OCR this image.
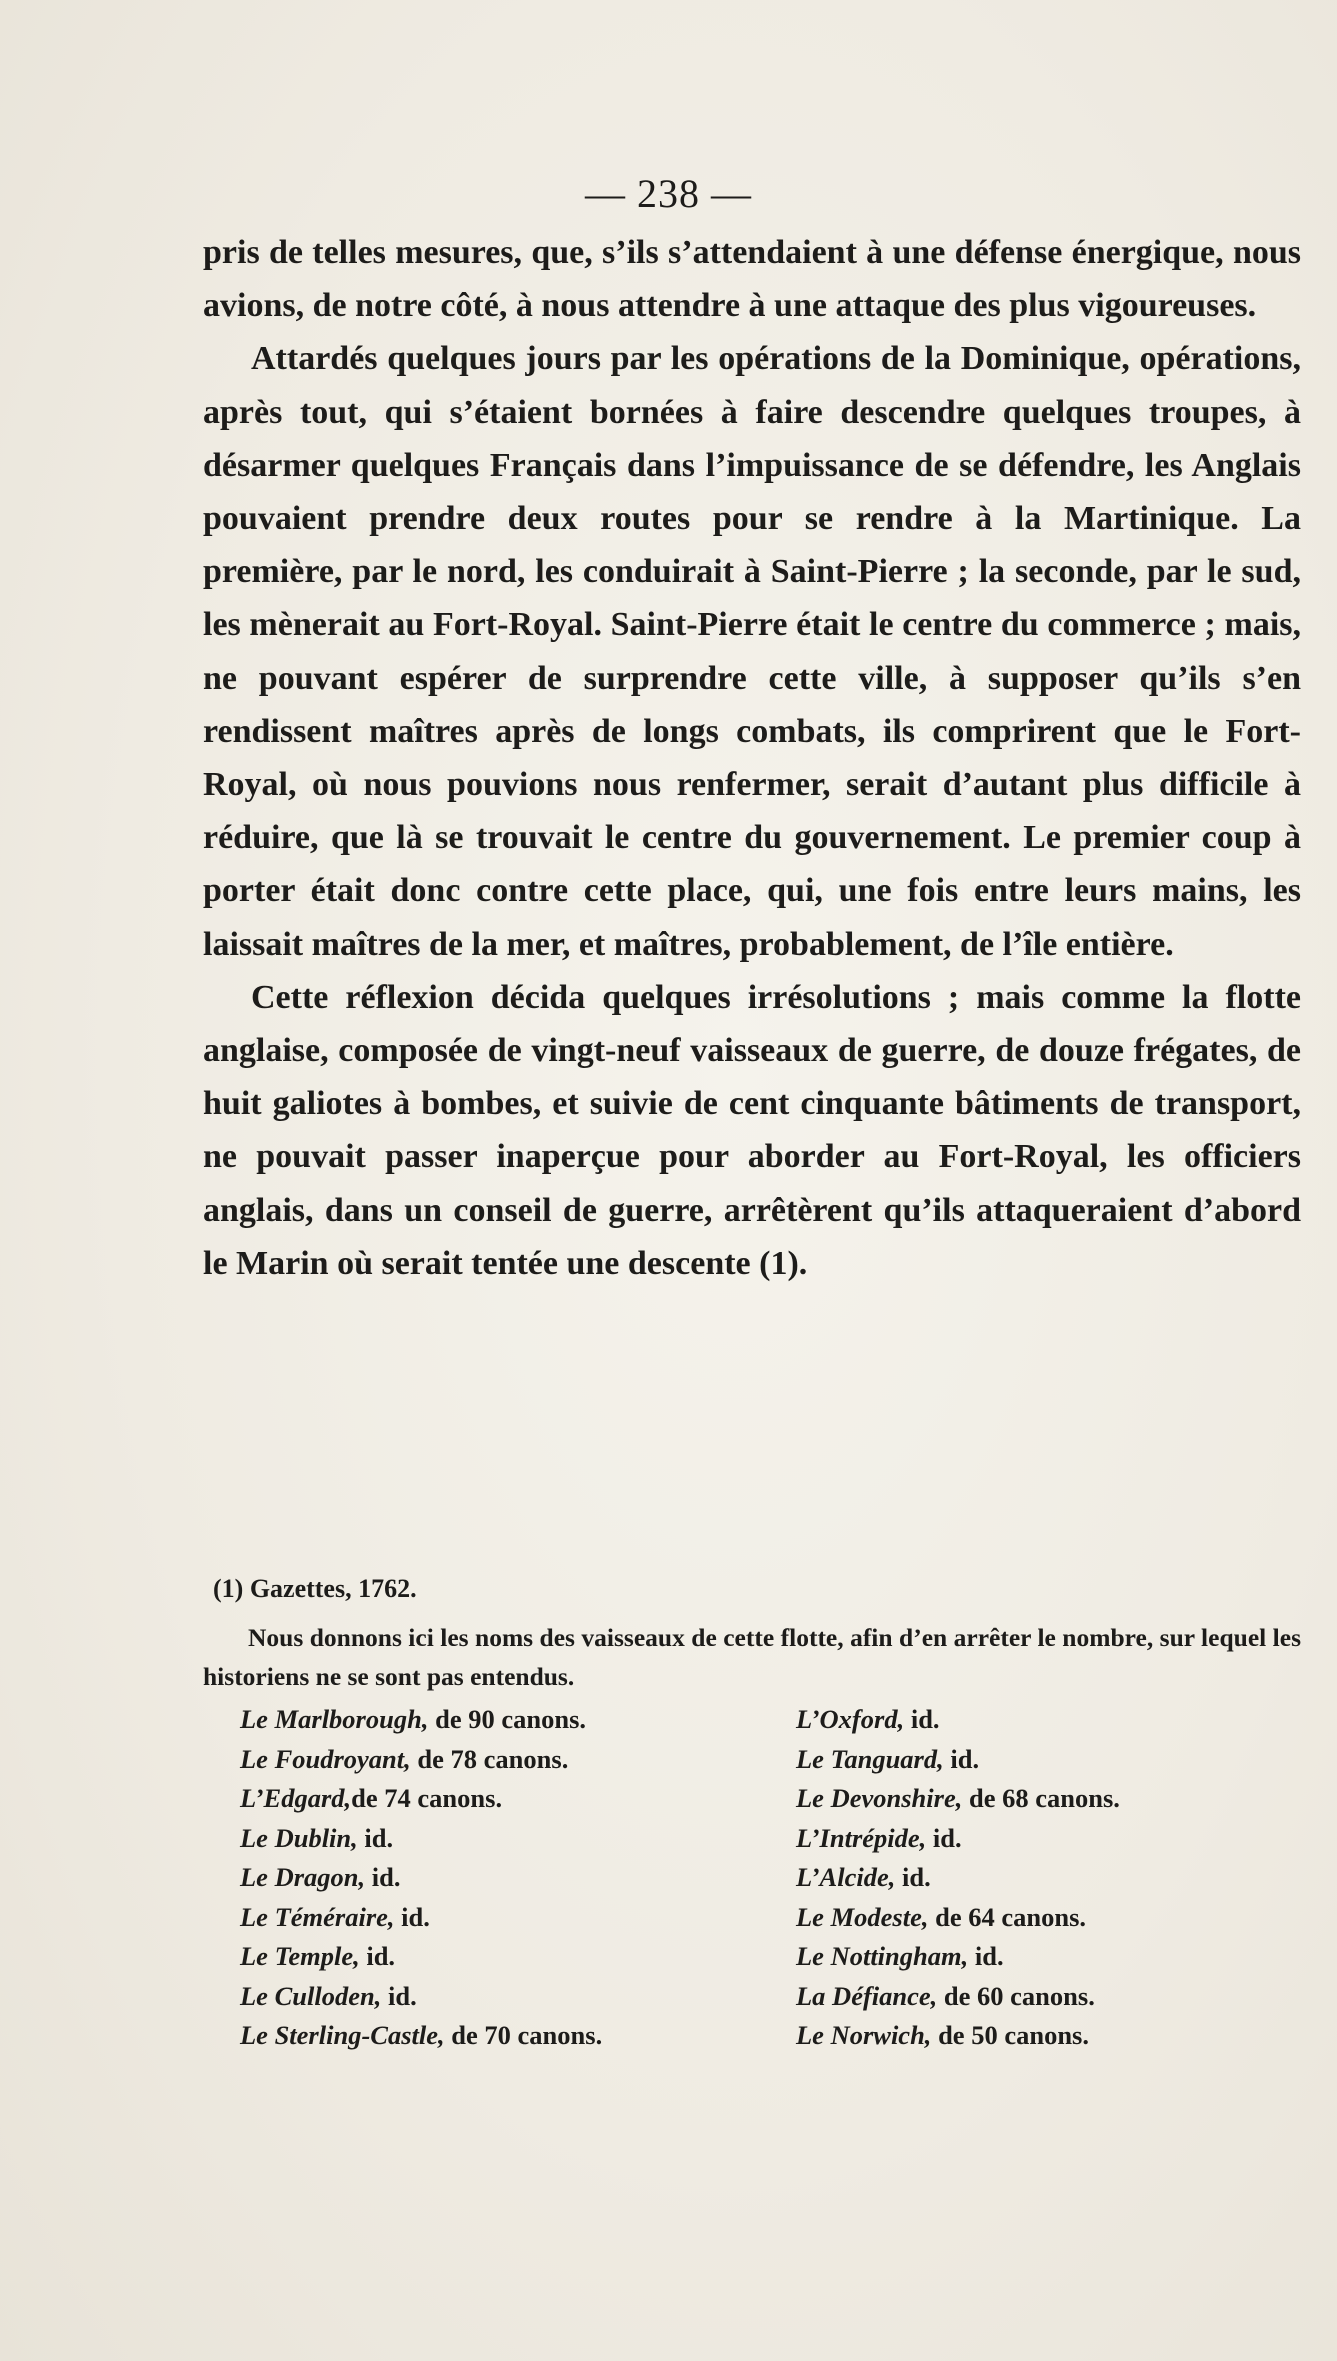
— 238 —

pris de telles mesures, que, s’ils s’attendaient à une défense énergique, nous avions, de notre côté, à nous attendre à une attaque des plus vigoureuses.

Attardés quelques jours par les opérations de la Dominique, opérations, après tout, qui s’étaient bornées à faire descendre quelques troupes, à désarmer quelques Français dans l’impuissance de se défendre, les Anglais pouvaient prendre deux routes pour se rendre à la Martinique. La première, par le nord, les conduirait à Saint-Pierre ; la seconde, par le sud, les mènerait au Fort-Royal. Saint-Pierre était le centre du commerce ; mais, ne pouvant espérer de surprendre cette ville, à supposer qu’ils s’en rendissent maîtres après de longs combats, ils comprirent que le Fort-Royal, où nous pouvions nous renfermer, serait d’autant plus difficile à réduire, que là se trouvait le centre du gouvernement. Le premier coup à porter était donc contre cette place, qui, une fois entre leurs mains, les laissait maîtres de la mer, et maîtres, probablement, de l’île entière.

Cette réflexion décida quelques irrésolutions ; mais comme la flotte anglaise, composée de vingt-neuf vaisseaux de guerre, de douze frégates, de huit galiotes à bombes, et suivie de cent cinquante bâtiments de transport, ne pouvait passer inaperçue pour aborder au Fort-Royal, les officiers anglais, dans un conseil de guerre, arrêtèrent qu’ils attaqueraient d’abord le Marin où serait tentée une descente (1).

(1) Gazettes, 1762.

Nous donnons ici les noms des vaisseaux de cette flotte, afin d’en arrêter le nombre, sur lequel les historiens ne se sont pas entendus.

Le Marlborough, de 90 canons.	L’Oxford, id.
Le Foudroyant, de 78 canons.	Le Tanguard, id.
L’Edgard,de 74 canons.	Le Devonshire, de 68 canons.
Le Dublin, id.	L’Intrépide, id.
Le Dragon, id.	L’Alcide, id.
Le Téméraire, id.	Le Modeste, de 64 canons.
Le Temple, id.	Le Nottingham, id.
Le Culloden, id.	La Défiance, de 60 canons.
Le Sterling-Castle, de 70 canons.	Le Norwich, de 50 canons.
